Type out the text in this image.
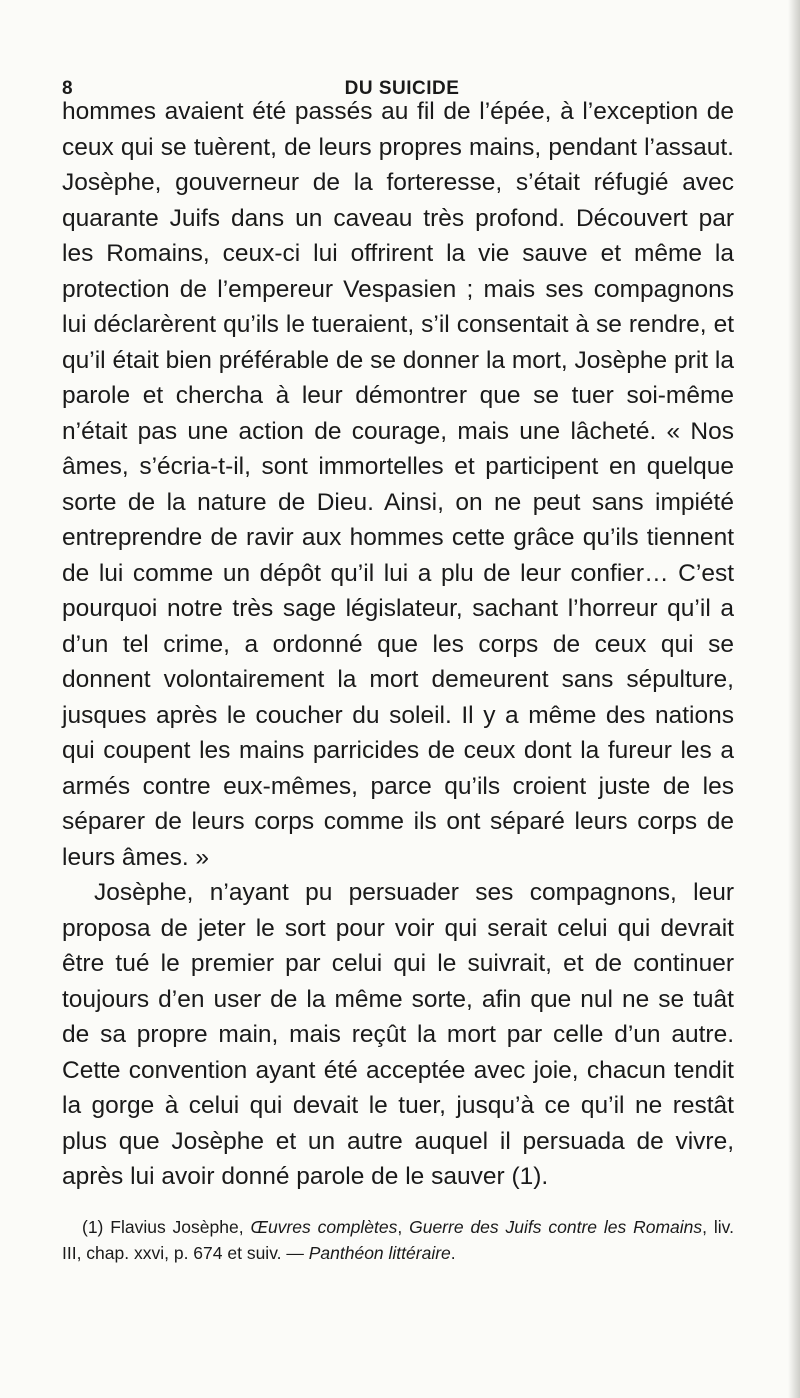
8	DU SUICIDE

hommes avaient été passés au fil de l’épée, à l’exception de ceux qui se tuèrent, de leurs propres mains, pendant l’assaut. Josèphe, gouverneur de la forteresse, s’était réfugié avec quarante Juifs dans un caveau très profond. Découvert par les Romains, ceux-ci lui offrirent la vie sauve et même la protection de l’empereur Vespasien ; mais ses compagnons lui déclarèrent qu’ils le tueraient, s’il consentait à se rendre, et qu’il était bien préférable de se donner la mort, Josèphe prit la parole et chercha à leur démontrer que se tuer soi-même n’était pas une action de courage, mais une lâcheté. « Nos âmes, s’écria-t-il, sont immortelles et participent en quelque sorte de la nature de Dieu. Ainsi, on ne peut sans impiété entreprendre de ravir aux hommes cette grâce qu’ils tiennent de lui comme un dépôt qu’il lui a plu de leur confier… C’est pourquoi notre très sage législateur, sachant l’horreur qu’il a d’un tel crime, a ordonné que les corps de ceux qui se donnent volontairement la mort demeurent sans sépulture, jusques après le coucher du soleil. Il y a même des nations qui coupent les mains parricides de ceux dont la fureur les a armés contre eux-mêmes, parce qu’ils croient juste de les séparer de leurs corps comme ils ont séparé leurs corps de leurs âmes. »

Josèphe, n’ayant pu persuader ses compagnons, leur proposa de jeter le sort pour voir qui serait celui qui devrait être tué le premier par celui qui le suivrait, et de continuer toujours d’en user de la même sorte, afin que nul ne se tuât de sa propre main, mais reçût la mort par celle d’un autre. Cette convention ayant été acceptée avec joie, chacun tendit la gorge à celui qui devait le tuer, jusqu’à ce qu’il ne restât plus que Josèphe et un autre auquel il persuada de vivre, après lui avoir donné parole de le sauver (1).

(1) Flavius Josèphe, Œuvres complètes, Guerre des Juifs contre les Romains, liv. III, chap. xxvi, p. 674 et suiv. — Panthéon littéraire.
